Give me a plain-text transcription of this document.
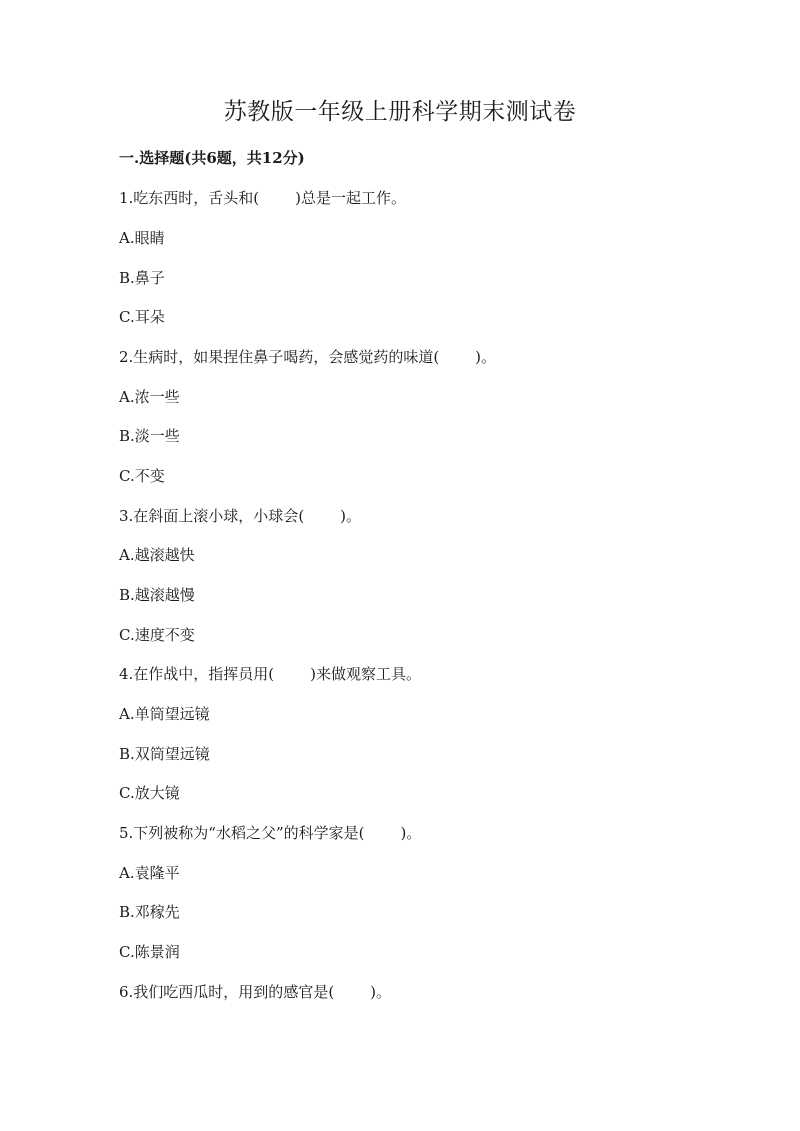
苏教版一年级上册科学期末测试卷
一.选择题(共6题，共12分)

1.吃东西时，舌头和( )总是一起工作。

A.眼睛

B.鼻子

C.耳朵

2.生病时，如果捏住鼻子喝药，会感觉药的味道( )。

A.浓一些

B.淡一些

C.不变

3.在斜面上滚小球，小球会( )。

A.越滚越快

B.越滚越慢

C.速度不变

4.在作战中，指挥员用( )来做观察工具。

A.单筒望远镜

B.双筒望远镜

C.放大镜

5.下列被称为“水稻之父”的科学家是( )。

A.袁隆平

B.邓稼先

C.陈景润

6.我们吃西瓜时，用到的感官是( )。
